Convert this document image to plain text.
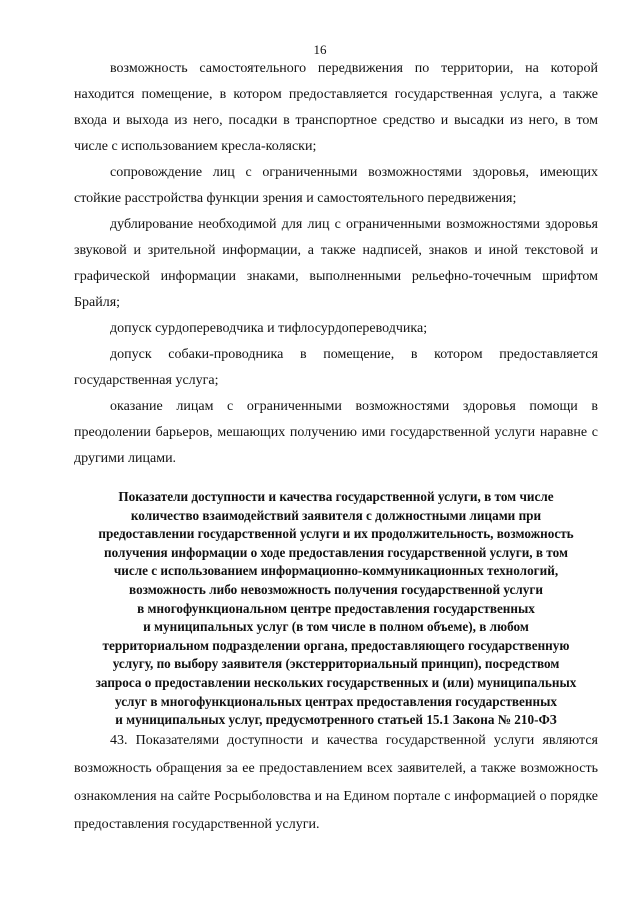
16

возможность самостоятельного передвижения по территории, на которой находится помещение, в котором предоставляется государственная услуга, а также входа и выхода из него, посадки в транспортное средство и высадки из него, в том числе с использованием кресла-коляски;

сопровождение лиц с ограниченными возможностями здоровья, имеющих стойкие расстройства функции зрения и самостоятельного передвижения;

дублирование необходимой для лиц с ограниченными возможностями здоровья звуковой и зрительной информации, а также надписей, знаков и иной текстовой и графической информации знаками, выполненными рельефно-точечным шрифтом Брайля;

допуск сурдопереводчика и тифлосурдопереводчика;

допуск собаки-проводника в помещение, в котором предоставляется государственная услуга;

оказание лицам с ограниченными возможностями здоровья помощи в преодолении барьеров, мешающих получению ими государственной услуги наравне с другими лицами.

Показатели доступности и качества государственной услуги, в том числе
количество взаимодействий заявителя с должностными лицами при
предоставлении государственной услуги и их продолжительность, возможность
получения информации о ходе предоставления государственной услуги, в том
числе с использованием информационно-коммуникационных технологий,
возможность либо невозможность получения государственной услуги
в многофункциональном центре предоставления государственных
и муниципальных услуг (в том числе в полном объеме), в любом
территориальном подразделении органа, предоставляющего государственную
услугу, по выбору заявителя (экстерриториальный принцип), посредством
запроса о предоставлении нескольких государственных и (или) муниципальных
услуг в многофункциональных центрах предоставления государственных
и муниципальных услуг, предусмотренного статьей 15.1 Закона № 210-ФЗ

43. Показателями доступности и качества государственной услуги являются возможность обращения за ее предоставлением всех заявителей, а также возможность ознакомления на сайте Росрыболовства и на Едином портале с информацией о порядке предоставления государственной услуги.
